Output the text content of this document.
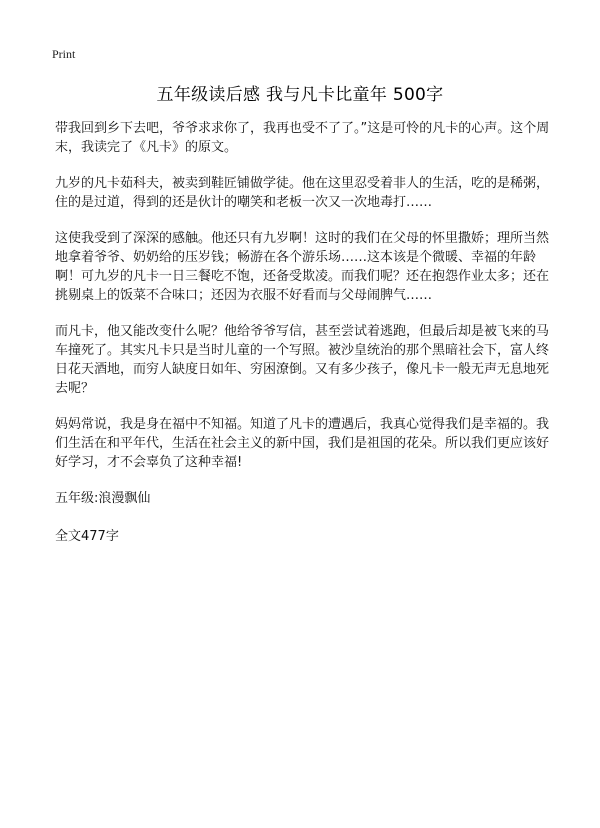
Print
五年级读后感 我与凡卡比童年 500字

带我回到乡下去吧，爷爷求求你了，我再也受不了了。”这是可怜的凡卡的心声。这个周末，我读完了《凡卡》的原文。

九岁的凡卡茹科夫，被卖到鞋匠铺做学徒。他在这里忍受着非人的生活，吃的是稀粥，住的是过道，得到的还是伙计的嘲笑和老板一次又一次地毒打……

这使我受到了深深的感触。他还只有九岁啊！这时的我们在父母的怀里撒娇；理所当然地拿着爷爷、奶奶给的压岁钱；畅游在各个游乐场……这本该是个微暖、幸福的年龄啊！可九岁的凡卡一日三餐吃不饱，还备受欺凌。而我们呢？还在抱怨作业太多；还在挑剔桌上的饭菜不合味口；还因为衣服不好看而与父母闹脾气……

而凡卡，他又能改变什么呢？他给爷爷写信，甚至尝试着逃跑，但最后却是被飞来的马车撞死了。其实凡卡只是当时儿童的一个写照。被沙皇统治的那个黑暗社会下，富人终日花天酒地，而穷人缺度日如年、穷困潦倒。又有多少孩子，像凡卡一般无声无息地死去呢？

妈妈常说，我是身在福中不知福。知道了凡卡的遭遇后，我真心觉得我们是幸福的。我们生活在和平年代，生活在社会主义的新中国，我们是祖国的花朵。所以我们更应该好好学习，才不会辜负了这种幸福!

五年级:浪漫飘仙

全文477字
